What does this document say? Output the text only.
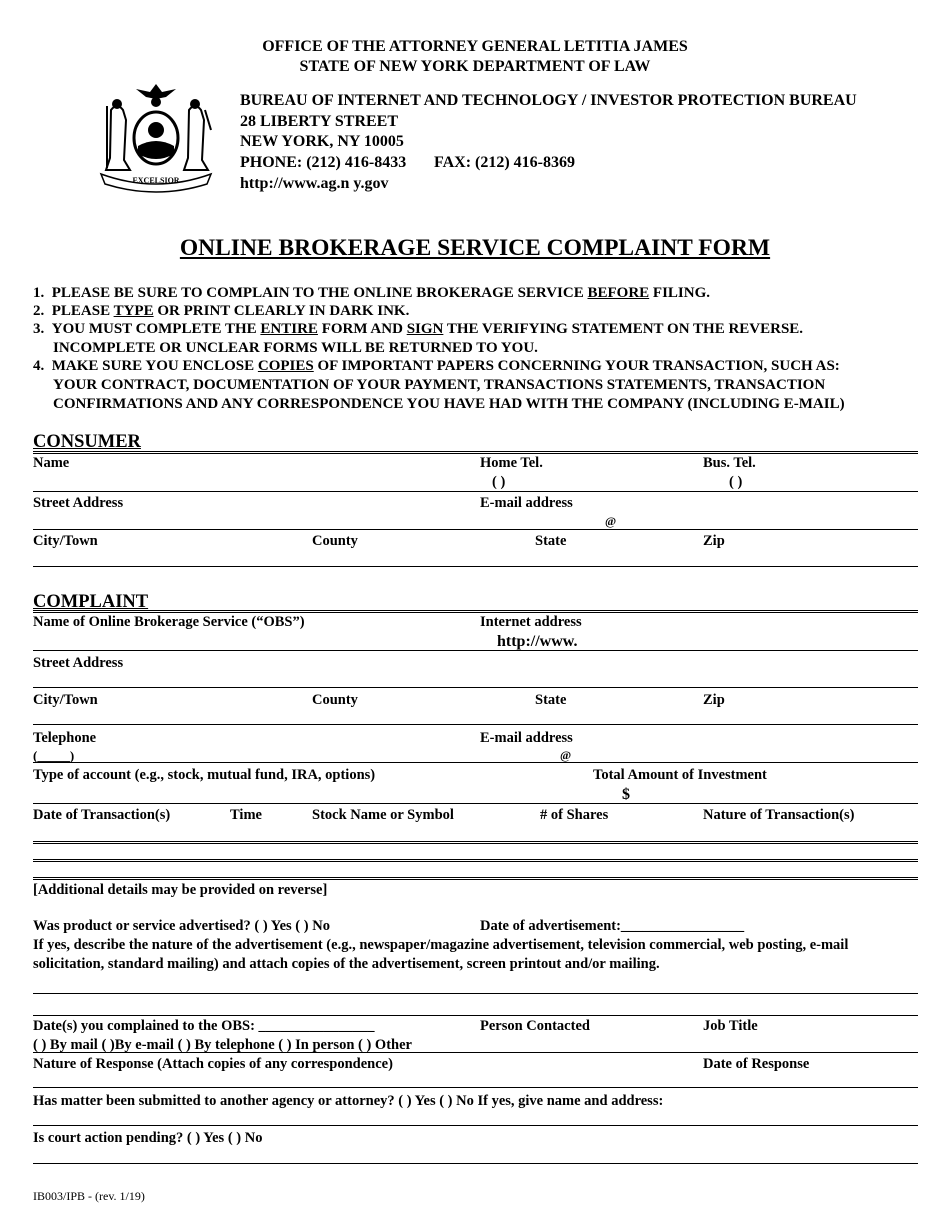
OFFICE OF THE ATTORNEY GENERAL LETITIA JAMES
STATE OF NEW YORK DEPARTMENT OF LAW
EXCELSIOR
BUREAU OF INTERNET AND TECHNOLOGY / INVESTOR PROTECTION BUREAU
28 LIBERTY STREET
NEW YORK, NY 10005
PHONE: (212) 416-8433 FAX: (212) 416-8369
http://www.ag.n y.gov
ONLINE BROKERAGE SERVICE COMPLAINT FORM
1. PLEASE BE SURE TO COMPLAIN TO THE ONLINE BROKERAGE SERVICE BEFORE FILING.
2. PLEASE TYPE OR PRINT CLEARLY IN DARK INK.
3. YOU MUST COMPLETE THE ENTIRE FORM AND SIGN THE VERIFYING STATEMENT ON THE REVERSE.
INCOMPLETE OR UNCLEAR FORMS WILL BE RETURNED TO YOU.
4. MAKE SURE YOU ENCLOSE COPIES OF IMPORTANT PAPERS CONCERNING YOUR TRANSACTION, SUCH AS:
YOUR CONTRACT, DOCUMENTATION OF YOUR PAYMENT, TRANSACTIONS STATEMENTS, TRANSACTION
CONFIRMATIONS AND ANY CORRESPONDENCE YOU HAVE HAD WITH THE COMPANY (INCLUDING E-MAIL)
CONSUMER
Name	Home Tel.	Bus. Tel.
( )	( )
Street Address	E-mail address
@
City/Town	County	State	Zip
COMPLAINT
Name of Online Brokerage Service (“OBS”)	Internet address
http://www.
Street Address
City/Town	County	State	Zip
Telephone	E-mail address
(_____)	@
Type of account (e.g., stock, mutual fund, IRA, options)	Total Amount of Investment
$
Date of Transaction(s)	Time	Stock Name or Symbol	# of Shares	Nature of Transaction(s)
[Additional details may be provided on reverse]
Was product or service advertised? ( ) Yes ( ) No	Date of advertisement:_________________
If yes, describe the nature of the advertisement (e.g., newspaper/magazine advertisement, television commercial, web posting, e-mail
solicitation, standard mailing) and attach copies of the advertisement, screen printout and/or mailing.
Date(s) you complained to the OBS: ________________	Person Contacted	Job Title
( ) By mail ( )By e-mail ( ) By telephone ( ) In person ( ) Other
Nature of Response (Attach copies of any correspondence)	Date of Response
Has matter been submitted to another agency or attorney? ( ) Yes ( ) No If yes, give name and address:
Is court action pending? ( ) Yes ( ) No
IB003/IPB - (rev. 1/19)
